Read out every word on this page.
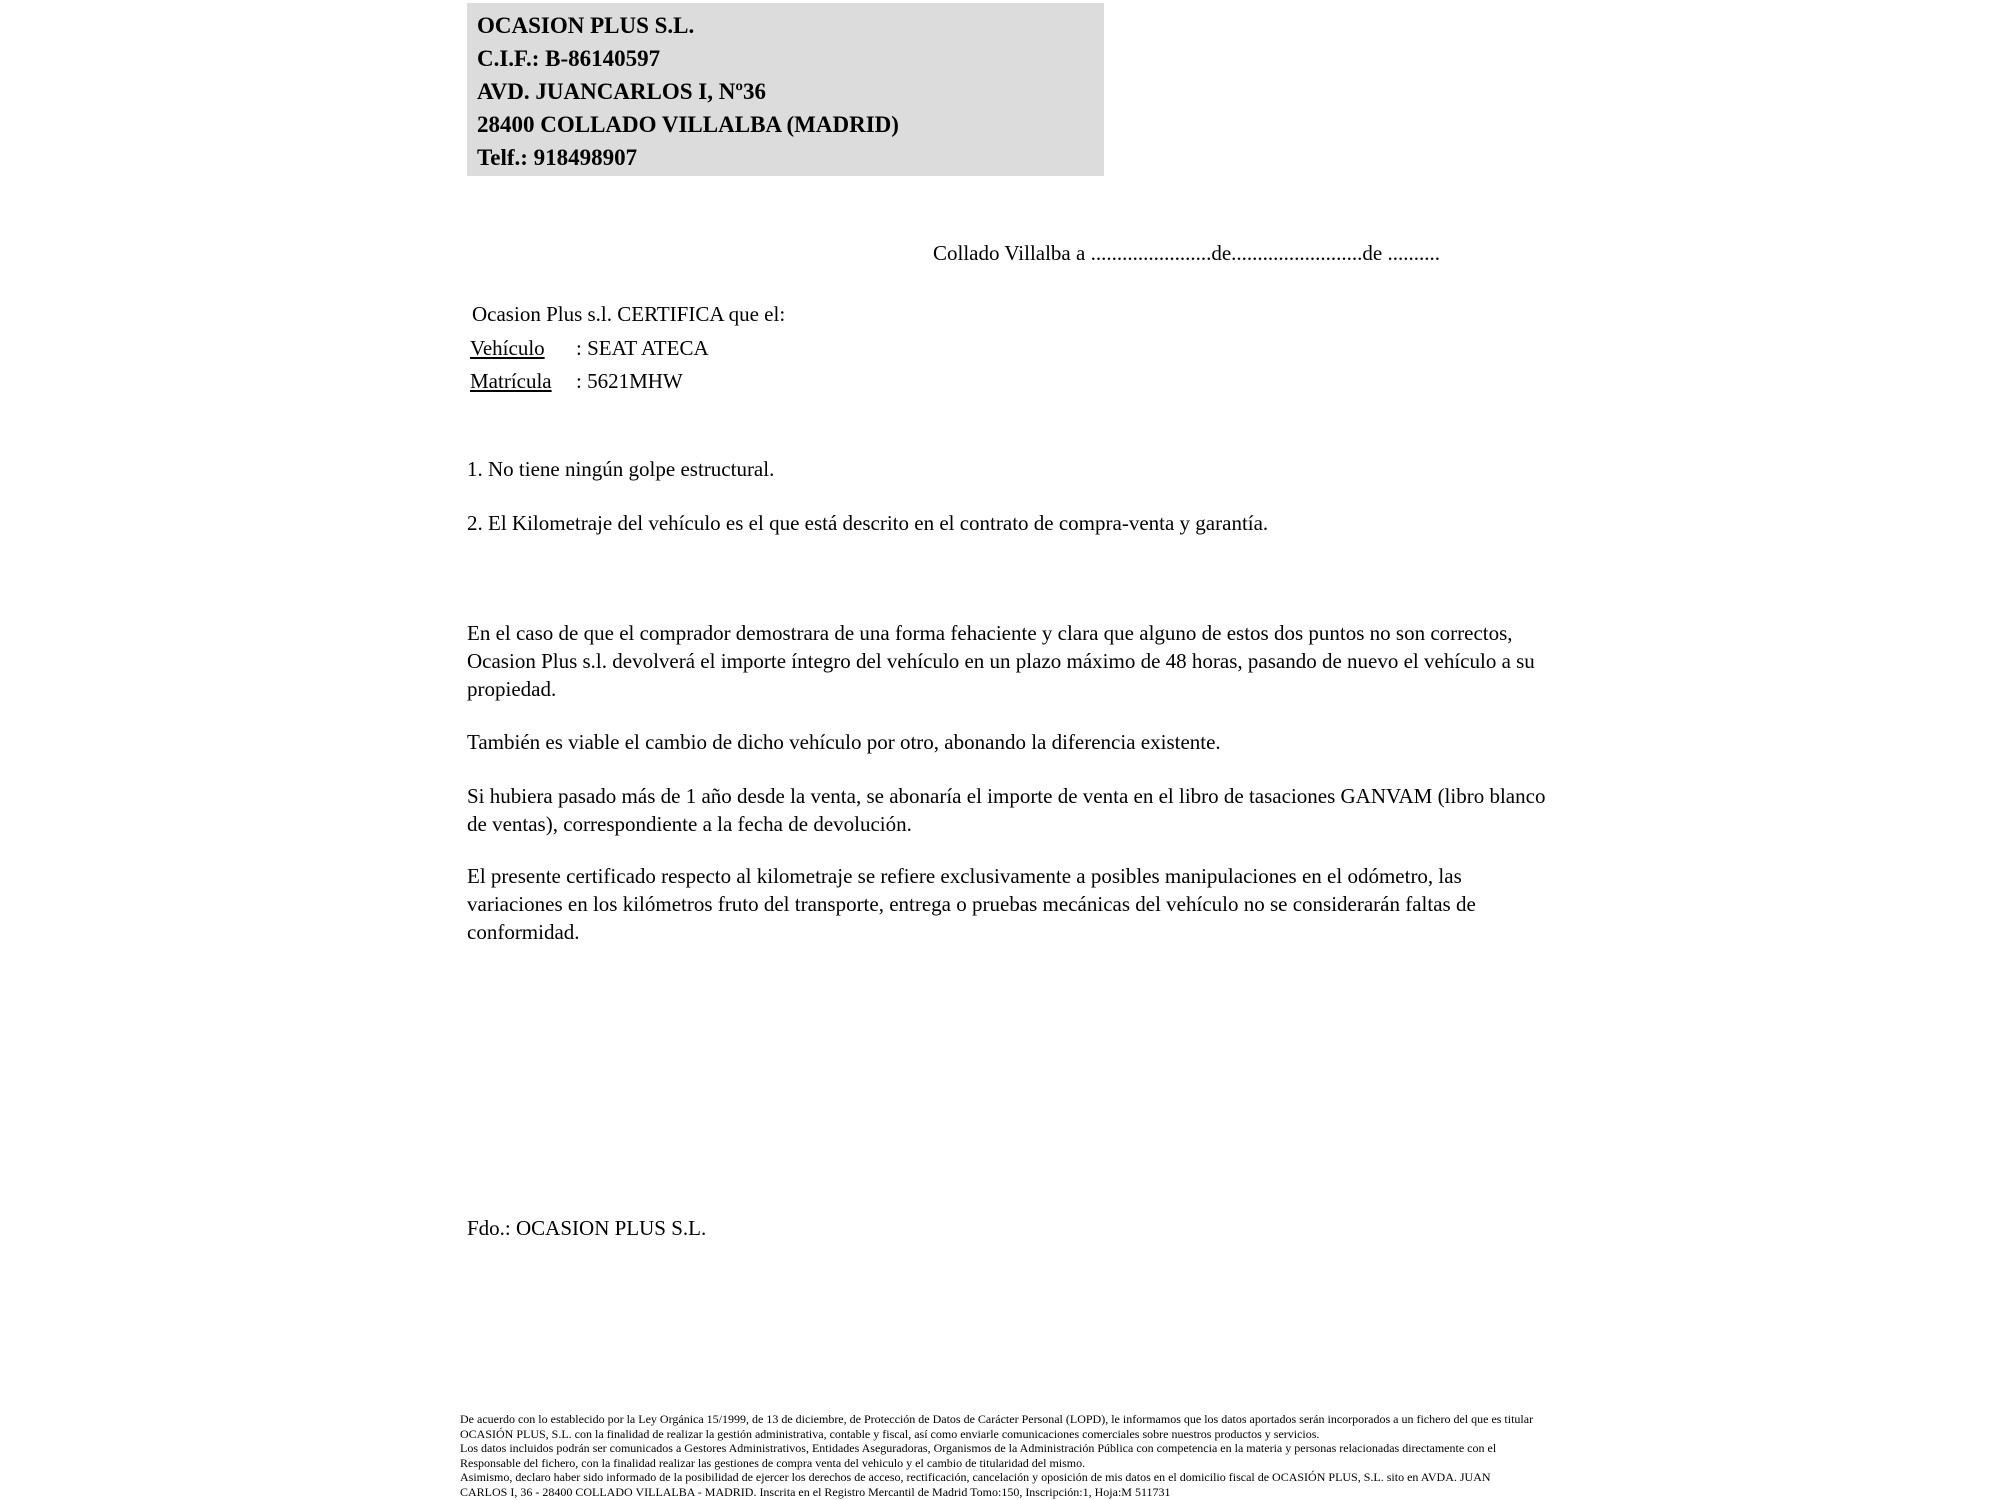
OCASION PLUS S.L.
C.I.F.: B-86140597
AVD. JUANCARLOS I, Nº36
28400 COLLADO VILLALBA (MADRID)
Telf.: 918498907
Collado Villalba a .......................de.........................de ..........
Ocasion Plus s.l. CERTIFICA que el:
Vehículo : SEAT ATECA
Matrícula : 5621MHW
1. No tiene ningún golpe estructural.
2. El Kilometraje del vehículo es el que está descrito en el contrato de compra-venta y garantía.
En el caso de que el comprador demostrara de una forma fehaciente y clara que alguno de estos dos puntos no son correctos, Ocasion Plus s.l. devolverá el importe íntegro del vehículo en un plazo máximo de 48 horas, pasando de nuevo el vehículo a su propiedad.
También es viable el cambio de dicho vehículo por otro, abonando la diferencia existente.
Si hubiera pasado más de 1 año desde la venta, se abonaría el importe de venta en el libro de tasaciones GANVAM (libro blanco de ventas), correspondiente a la fecha de devolución.
El presente certificado respecto al kilometraje se refiere exclusivamente a posibles manipulaciones en el odómetro, las variaciones en los kilómetros fruto del transporte, entrega o pruebas mecánicas del vehículo no se considerarán faltas de conformidad.
Fdo.: OCASION PLUS S.L.
De acuerdo con lo establecido por la Ley Orgánica 15/1999, de 13 de diciembre, de Protección de Datos de Carácter Personal (LOPD), le informamos que los datos aportados serán incorporados a un fichero del que es titular
OCASIÓN PLUS, S.L. con la finalidad de realizar la gestión administrativa, contable y fiscal, así como enviarle comunicaciones comerciales sobre nuestros productos y servicios.
Los datos incluidos podrán ser comunicados a Gestores Administrativos, Entidades Aseguradoras, Organismos de la Administración Pública con competencia en la materia y personas relacionadas directamente con el
Responsable del fichero, con la finalidad realizar las gestiones de compra venta del vehiculo y el cambio de titularidad del mismo.
Asimismo, declaro haber sido informado de la posibilidad de ejercer los derechos de acceso, rectificación, cancelación y oposición de mis datos en el domicilio fiscal de OCASIÓN PLUS, S.L. sito en AVDA. JUAN
CARLOS I, 36 - 28400 COLLADO VILLALBA - MADRID. Inscrita en el Registro Mercantil de Madrid Tomo:150, Inscripción:1, Hoja:M 511731
